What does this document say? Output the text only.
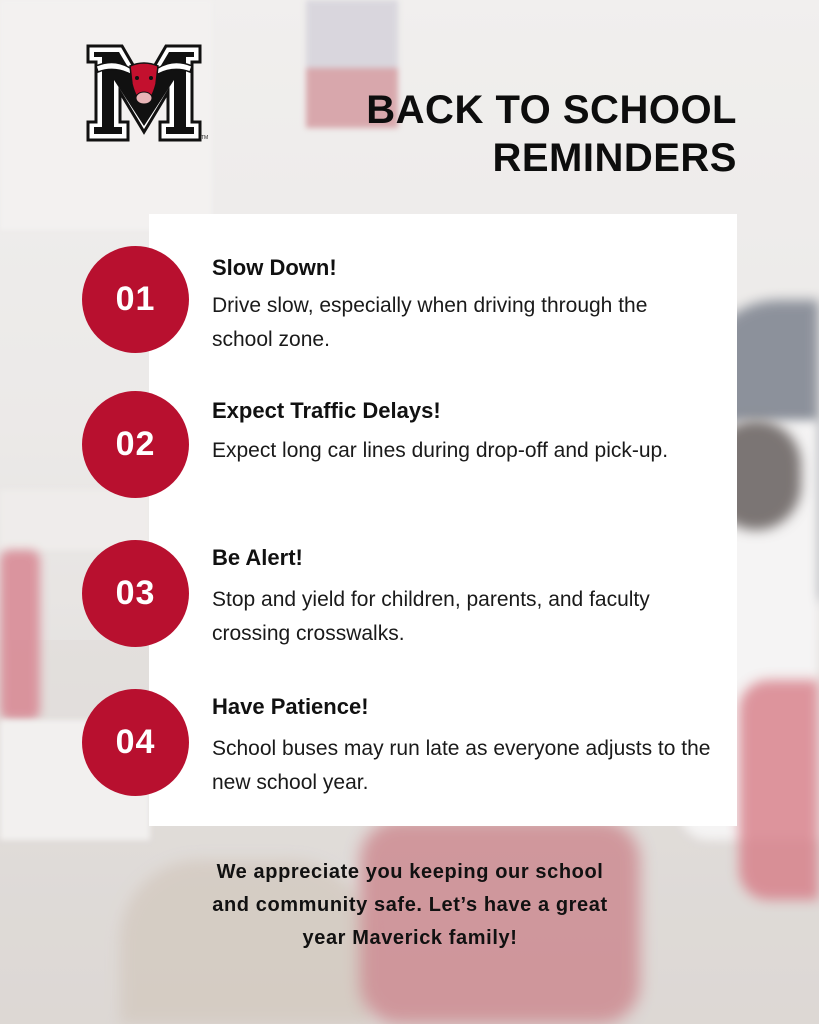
TM
BACK TO SCHOOL
REMINDERS
01
Slow Down!
Drive slow, especially when driving through the school zone.
02
Expect Traffic Delays!
Expect long car lines during drop-off and pick-up.
03
Be Alert!
Stop and yield for children, parents, and faculty crossing crosswalks.
04
Have Patience!
School buses may run late as everyone adjusts to the new school year.
We appreciate you keeping our school
and community safe. Let’s have a great
year Maverick family!
